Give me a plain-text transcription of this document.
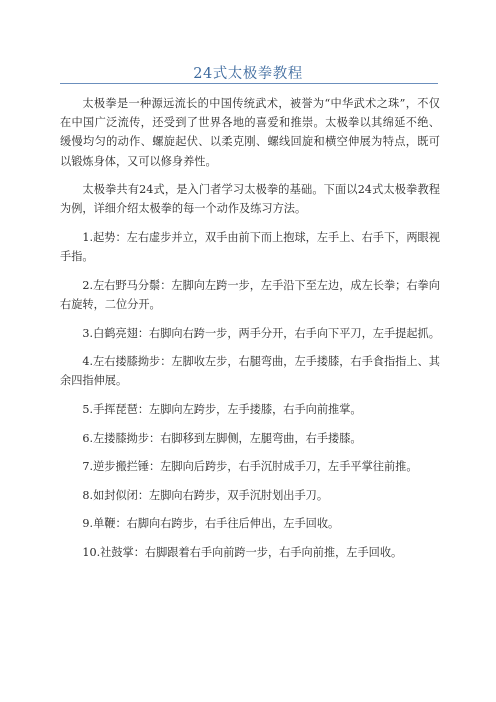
24式太极拳教程

太极拳是一种源远流长的中国传统武术，被誉为“中华武术之珠”，不仅在中国广泛流传，还受到了世界各地的喜爱和推崇。太极拳以其绵延不绝、缓慢均匀的动作、螺旋起伏、以柔克刚、螺线回旋和横空伸展为特点，既可以锻炼身体，又可以修身养性。

太极拳共有24式，是入门者学习太极拳的基础。下面以24式太极拳教程为例，详细介绍太极拳的每一个动作及练习方法。

1.起势：左右虚步并立，双手由前下而上抱球，左手上、右手下，两眼视手指。

2.左右野马分鬃：左脚向左跨一步，左手沿下至左边，成左长拳；右拳向右旋转，二位分开。

3.白鹤亮翅：右脚向右跨一步，两手分开，右手向下平刀，左手提起抓。

4.左右搂膝拗步：左脚收左步，右腿弯曲，左手搂膝，右手食指指上、其余四指伸展。

5.手挥琵琶：左脚向左跨步，左手搂膝，右手向前推掌。

6.左搂膝拗步：右脚移到左脚侧，左腿弯曲，右手搂膝。

7.逆步搬拦锤：左脚向后跨步，右手沉肘成手刀，左手平掌往前推。

8.如封似闭：左脚向右跨步，双手沉肘划出手刀。

9.单鞭：右脚向右跨步，右手往后伸出，左手回收。

10.社鼓掌：右脚跟着右手向前跨一步，右手向前推，左手回收。
